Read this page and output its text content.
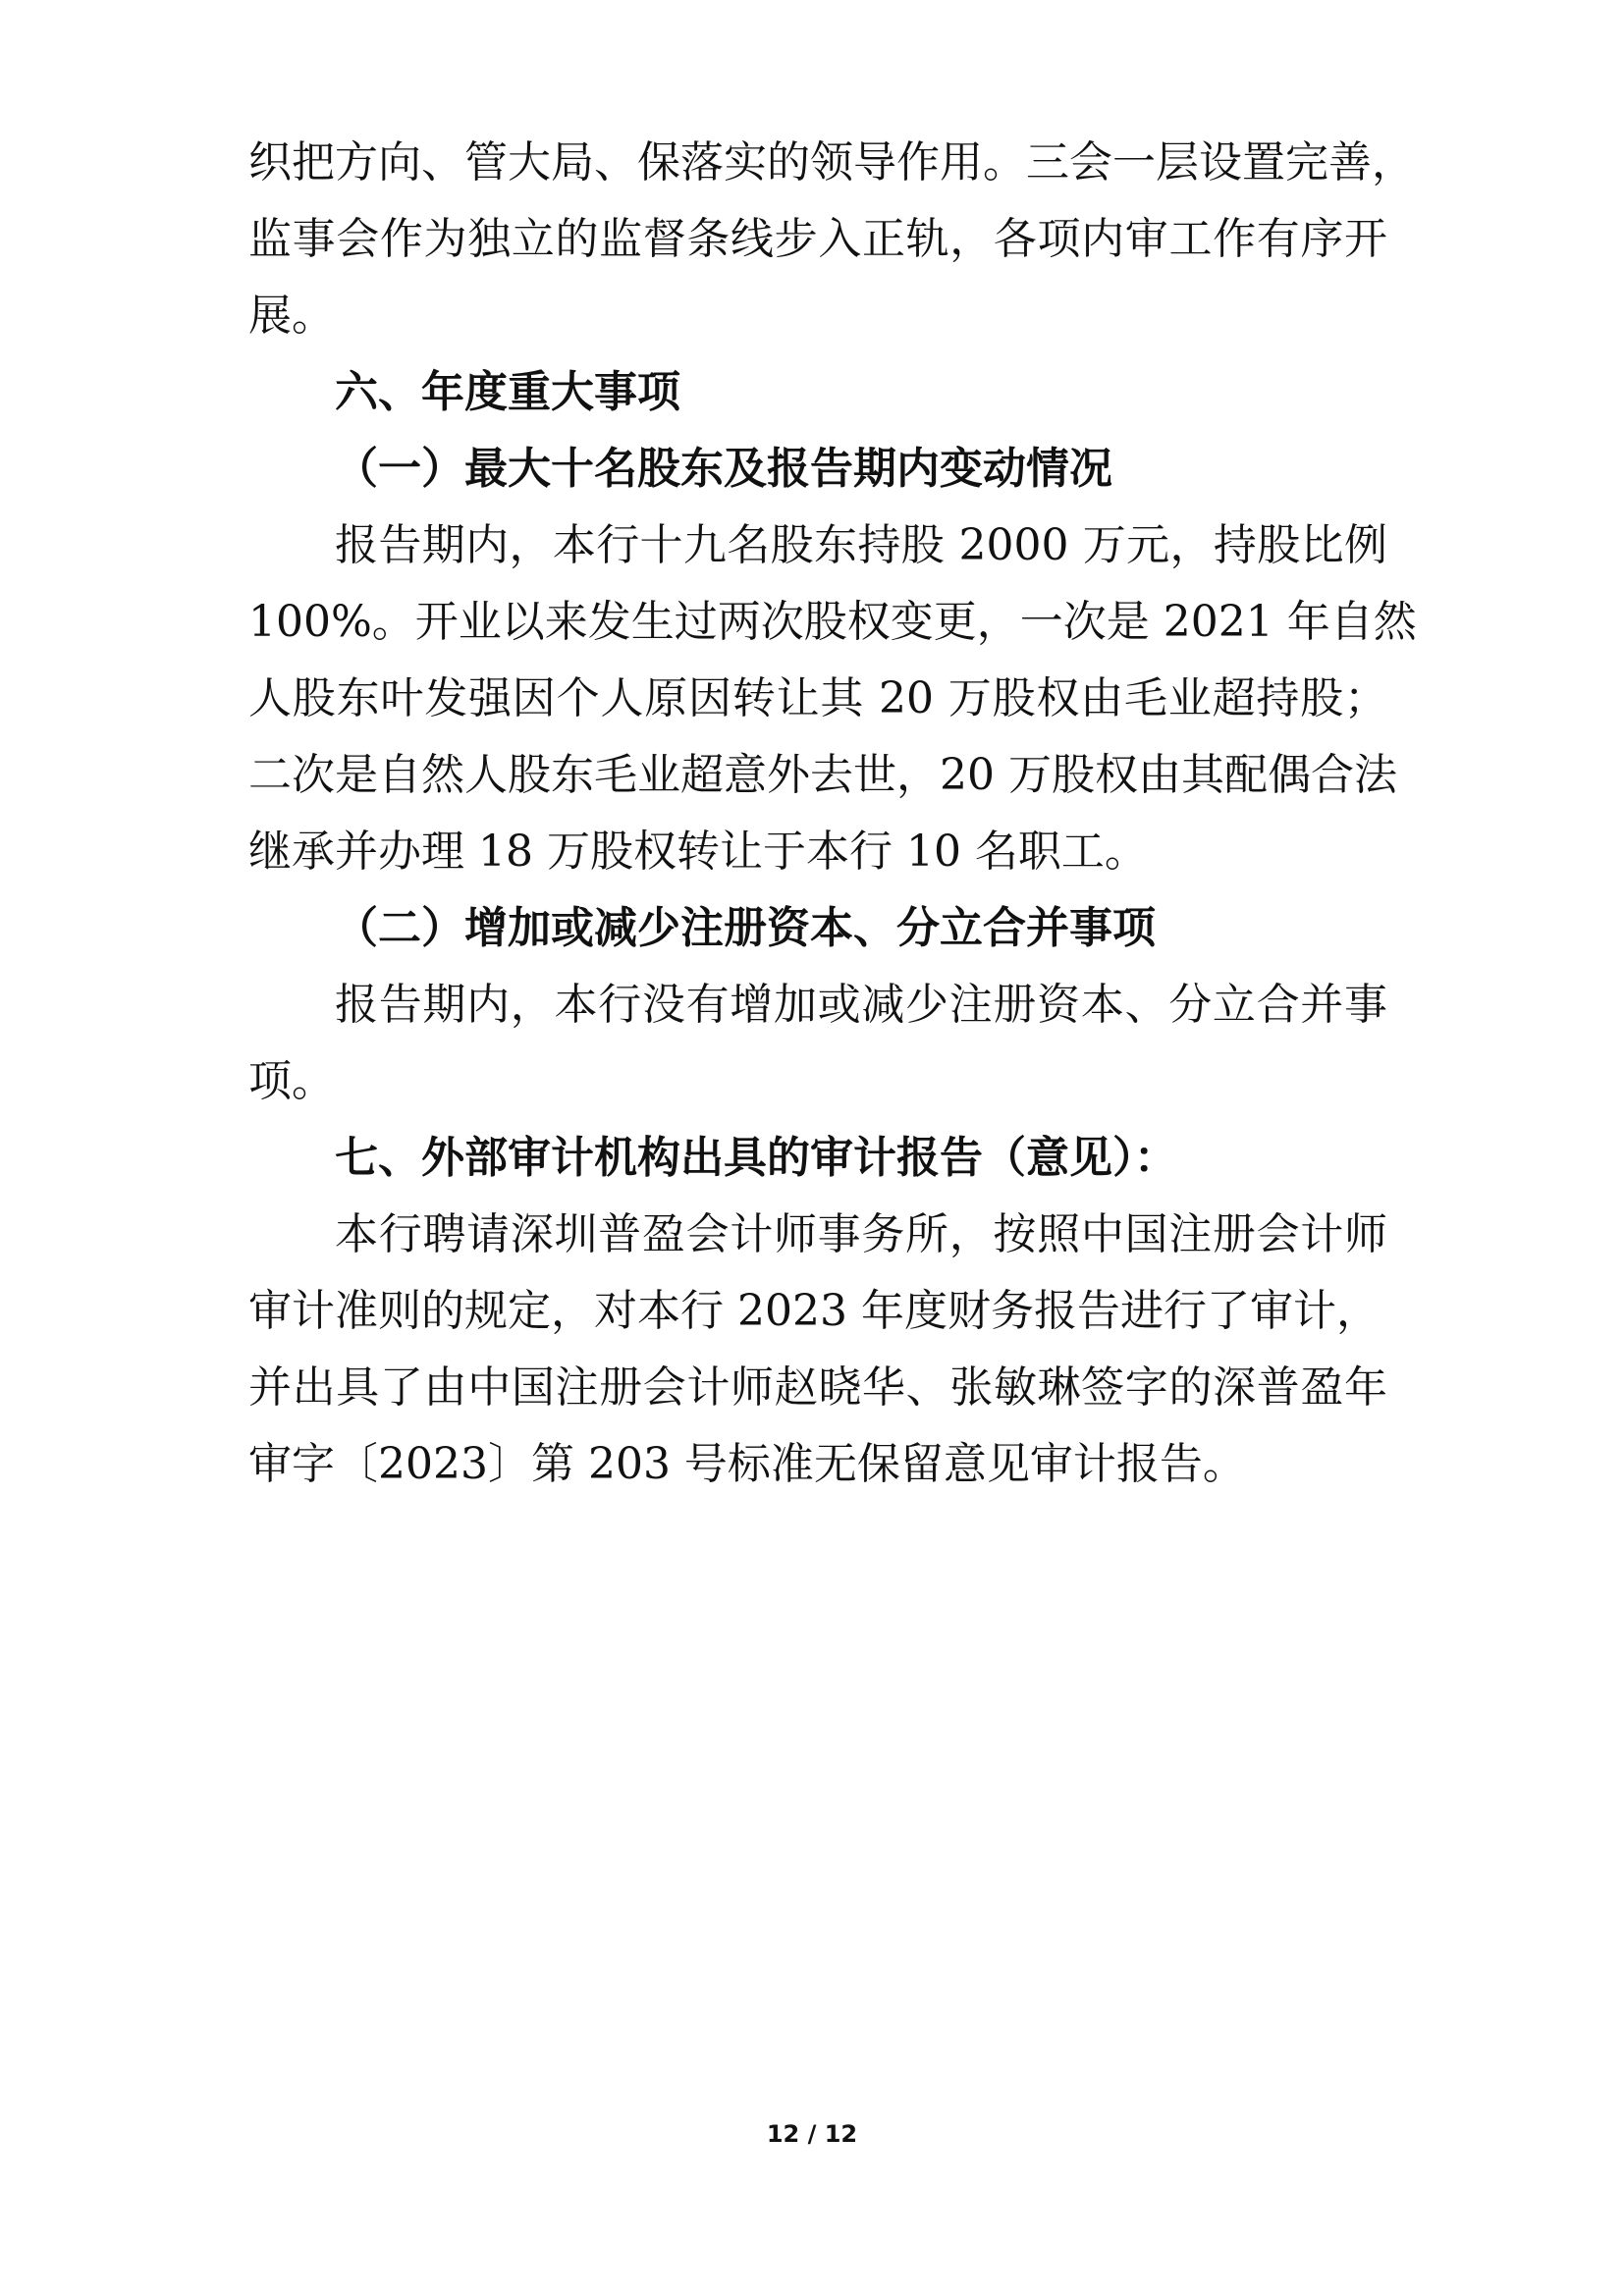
织把方向、管大局、保落实的领导作用。三会一层设置完善，
监事会作为独立的监督条线步入正轨，各项内审工作有序开
展。
六、年度重大事项
（一）最大十名股东及报告期内变动情况
报告期内，本行十九名股东持股 2000 万元，持股比例
100%。开业以来发生过两次股权变更，一次是 2021 年自然
人股东叶发强因个人原因转让其 20 万股权由毛业超持股；
二次是自然人股东毛业超意外去世，20 万股权由其配偶合法
继承并办理 18 万股权转让于本行 10 名职工。
（二）增加或减少注册资本、分立合并事项
报告期内，本行没有增加或减少注册资本、分立合并事
项。
七、外部审计机构出具的审计报告（意见）：
本行聘请深圳普盈会计师事务所，按照中国注册会计师
审计准则的规定，对本行 2023 年度财务报告进行了审计，
并出具了由中国注册会计师赵晓华、张敏琳签字的深普盈年
审字〔2023〕第 203 号标准无保留意见审计报告。
12 / 12
